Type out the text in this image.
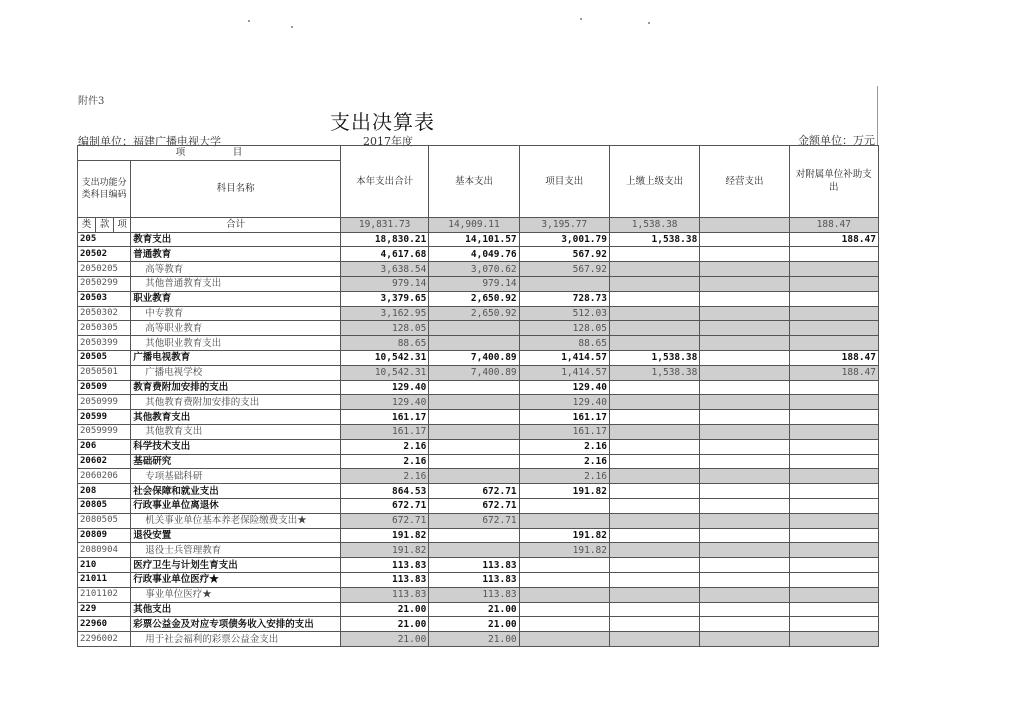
附件3
支出决算表
编制单位：福建广播电视大学	2017年度	金额单位：万元
项　　　　　目				本年支出合计	基本支出	项目支出	上缴上级支出	经营支出	对附属单位补助支出
支出功能分类科目编码			科目名称						
类	款	项	合计	19,831.73	14,909.11	3,195.77	1,538.38		188.47
205			教育支出	18,830.21	14,101.57	3,001.79	1,538.38		188.47
20502			普通教育	4,617.68	4,049.76	567.92			
2050205			高等教育	3,638.54	3,070.62	567.92			
2050299			其他普通教育支出	979.14	979.14				
20503			职业教育	3,379.65	2,650.92	728.73			
2050302			中专教育	3,162.95	2,650.92	512.03			
2050305			高等职业教育	128.05		128.05			
2050399			其他职业教育支出	88.65		88.65			
20505			广播电视教育	10,542.31	7,400.89	1,414.57	1,538.38		188.47
2050501			广播电视学校	10,542.31	7,400.89	1,414.57	1,538.38		188.47
20509			教育费附加安排的支出	129.40		129.40			
2050999			其他教育费附加安排的支出	129.40		129.40			
20599			其他教育支出	161.17		161.17			
2059999			其他教育支出	161.17		161.17			
206			科学技术支出	2.16		2.16			
20602			基础研究	2.16		2.16			
2060206			专项基础科研	2.16		2.16			
208			社会保障和就业支出	864.53	672.71	191.82			
20805			行政事业单位离退休	672.71	672.71				
2080505			机关事业单位基本养老保险缴费支出★	672.71	672.71				
20809			退役安置	191.82		191.82			
2080904			退役士兵管理教育	191.82		191.82			
210			医疗卫生与计划生育支出	113.83	113.83				
21011			行政事业单位医疗★	113.83	113.83				
2101102			事业单位医疗★	113.83	113.83				
229			其他支出	21.00	21.00				
22960			彩票公益金及对应专项债务收入安排的支出	21.00	21.00				
2296002			用于社会福利的彩票公益金支出	21.00	21.00				
